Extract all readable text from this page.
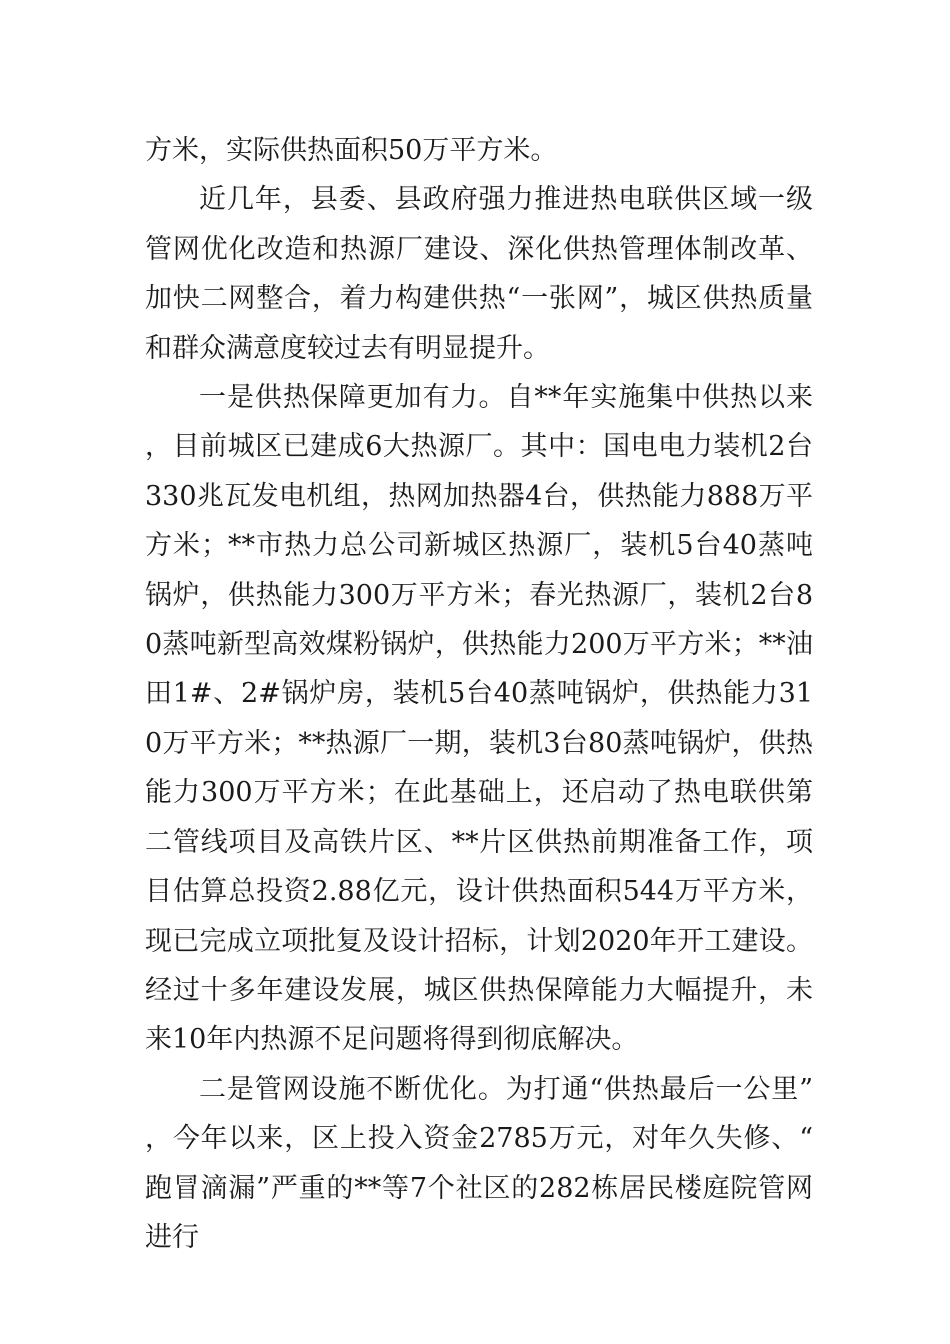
方米，实际供热面积50万平方米。

近几年，县委、县政府强力推进热电联供区域一级管网优化改造和热源厂建设、深化供热管理体制改革、加快二网整合，着力构建供热“一张网”，城区供热质量和群众满意度较过去有明显提升。

一是供热保障更加有力。自**年实施集中供热以来，目前城区已建成6大热源厂。其中：国电电力装机2台330兆瓦发电机组，热网加热器4台，供热能力888万平方米；**市热力总公司新城区热源厂，装机5台40蒸吨锅炉，供热能力300万平方米；春光热源厂，装机2台80蒸吨新型高效煤粉锅炉，供热能力200万平方米；**油田1#、2#锅炉房，装机5台40蒸吨锅炉，供热能力310万平方米；**热源厂一期，装机3台80蒸吨锅炉，供热能力300万平方米；在此基础上，还启动了热电联供第二管线项目及高铁片区、**片区供热前期准备工作，项目估算总投资2.88亿元，设计供热面积544万平方米，现已完成立项批复及设计招标，计划2020年开工建设。经过十多年建设发展，城区供热保障能力大幅提升，未来10年内热源不足问题将得到彻底解决。

二是管网设施不断优化。为打通“供热最后一公里”，今年以来，区上投入资金2785万元，对年久失修、“跑冒滴漏”严重的**等7个社区的282栋居民楼庭院管网进行
